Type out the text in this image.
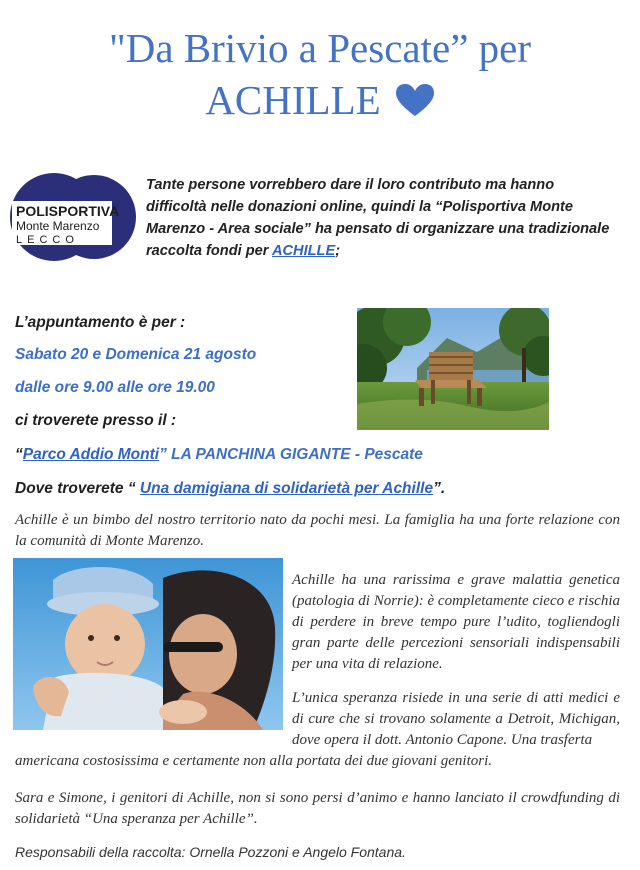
"Da Brivio a Pescate” per
ACHILLE
POLISPORTIVA
Monte Marenzo
LECCO

Tante persone vorrebbero dare il loro contributo ma hanno difficoltà nelle donazioni online, quindi la “Polisportiva Monte Marenzo - Area sociale” ha pensato di organizzare una tradizionale raccolta fondi per ACHILLE;

L’appuntamento è per :
Sabato 20 e Domenica 21 agosto
dalle ore 9.00 alle ore 19.00
ci troverete presso il :
“Parco Addio Monti” LA PANCHINA GIGANTE - Pescate
Dove troverete “ Una damigiana di solidarietà per Achille”.

Achille è un bimbo del nostro territorio nato da pochi mesi. La famiglia ha una forte relazione con la comunità di Monte Marenzo.

Achille ha una rarissima e grave malattia genetica (patologia di Norrie): è completamente cieco e rischia di perdere in breve tempo pure l’udito, togliendogli gran parte delle percezioni sensoriali indispensabili per una vita di relazione.

L’unica speranza risiede in una serie di atti medici e di cure che si trovano solamente a Detroit, Michigan, dove opera il dott. Antonio Capone. Una trasferta

americana costosissima e certamente non alla portata dei due giovani genitori.

Sara e Simone, i genitori di Achille, non si sono persi d’animo e hanno lanciato il crowdfunding di solidarietà “Una speranza per Achille”.

Responsabili della raccolta: Ornella Pozzoni e Angelo Fontana.
